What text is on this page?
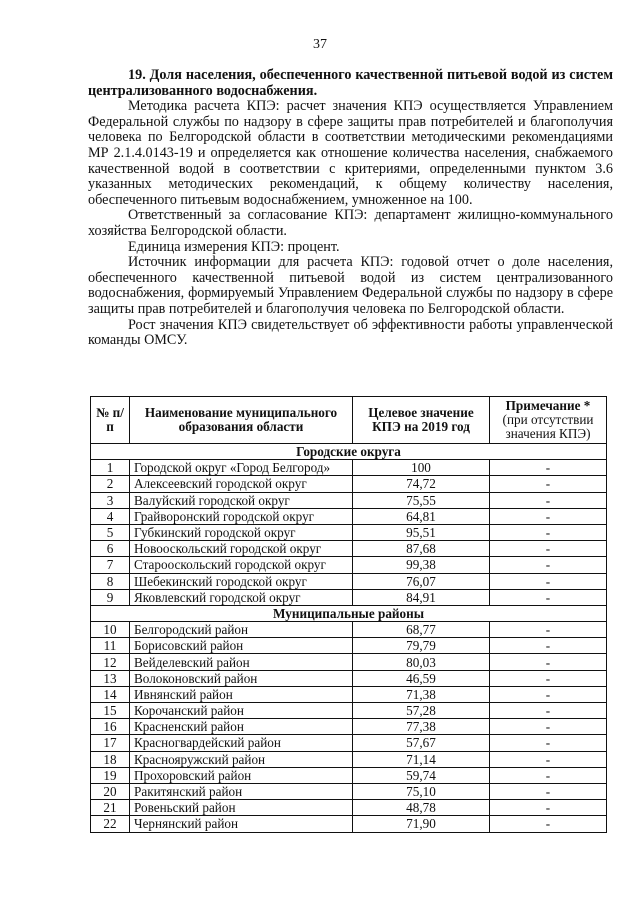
37

19. Доля населения, обеспеченного качественной питьевой водой из систем централизованного водоснабжения.

Методика расчета КПЭ: расчет значения КПЭ осуществляется Управлением Федеральной службы по надзору в сфере защиты прав потребителей и благополучия человека по Белгородской области в соответствии методическими рекомендациями МР 2.1.4.0143-19 и определяется как отношение количества населения, снабжаемого качественной водой в соответствии с критериями, определенными пунктом 3.6 указанных методических рекомендаций, к общему количеству населения, обеспеченного питьевым водоснабжением, умноженное на 100.

Ответственный за согласование КПЭ: департамент жилищно-коммунального хозяйства Белгородской области.

Единица измерения КПЭ: процент.

Источник информации для расчета КПЭ: годовой отчет о доле населения, обеспеченного качественной питьевой водой из систем централизованного водоснабжения, формируемый Управлением Федеральной службы по надзору в сфере защиты прав потребителей и благополучия человека по Белгородской области.

Рост значения КПЭ свидетельствует об эффективности работы управленческой команды ОМСУ.

№ п/п	Наименование муниципального образования области	Целевое значение КПЭ на 2019 год	Примечание *
(при отсутствии значения КПЭ)
Городские округа			
1	Городской округ «Город Белгород»	100	-
2	Алексеевский городской округ	74,72	-
3	Валуйский городской округ	75,55	-
4	Грайворонский городской округ	64,81	-
5	Губкинский городской округ	95,51	-
6	Новооскольский городской округ	87,68	-
7	Старооскольский городской округ	99,38	-
8	Шебекинский городской округ	76,07	-
9	Яковлевский городской округ	84,91	-
Муниципальные районы			
10	Белгородский район	68,77	-
11	Борисовский район	79,79	-
12	Вейделевский район	80,03	-
13	Волоконовский район	46,59	-
14	Ивнянский район	71,38	-
15	Корочанский район	57,28	-
16	Красненский район	77,38	-
17	Красногвардейский район	57,67	-
18	Краснояружский район	71,14	-
19	Прохоровский район	59,74	-
20	Ракитянский район	75,10	-
21	Ровеньский район	48,78	-
22	Чернянский район	71,90	-
